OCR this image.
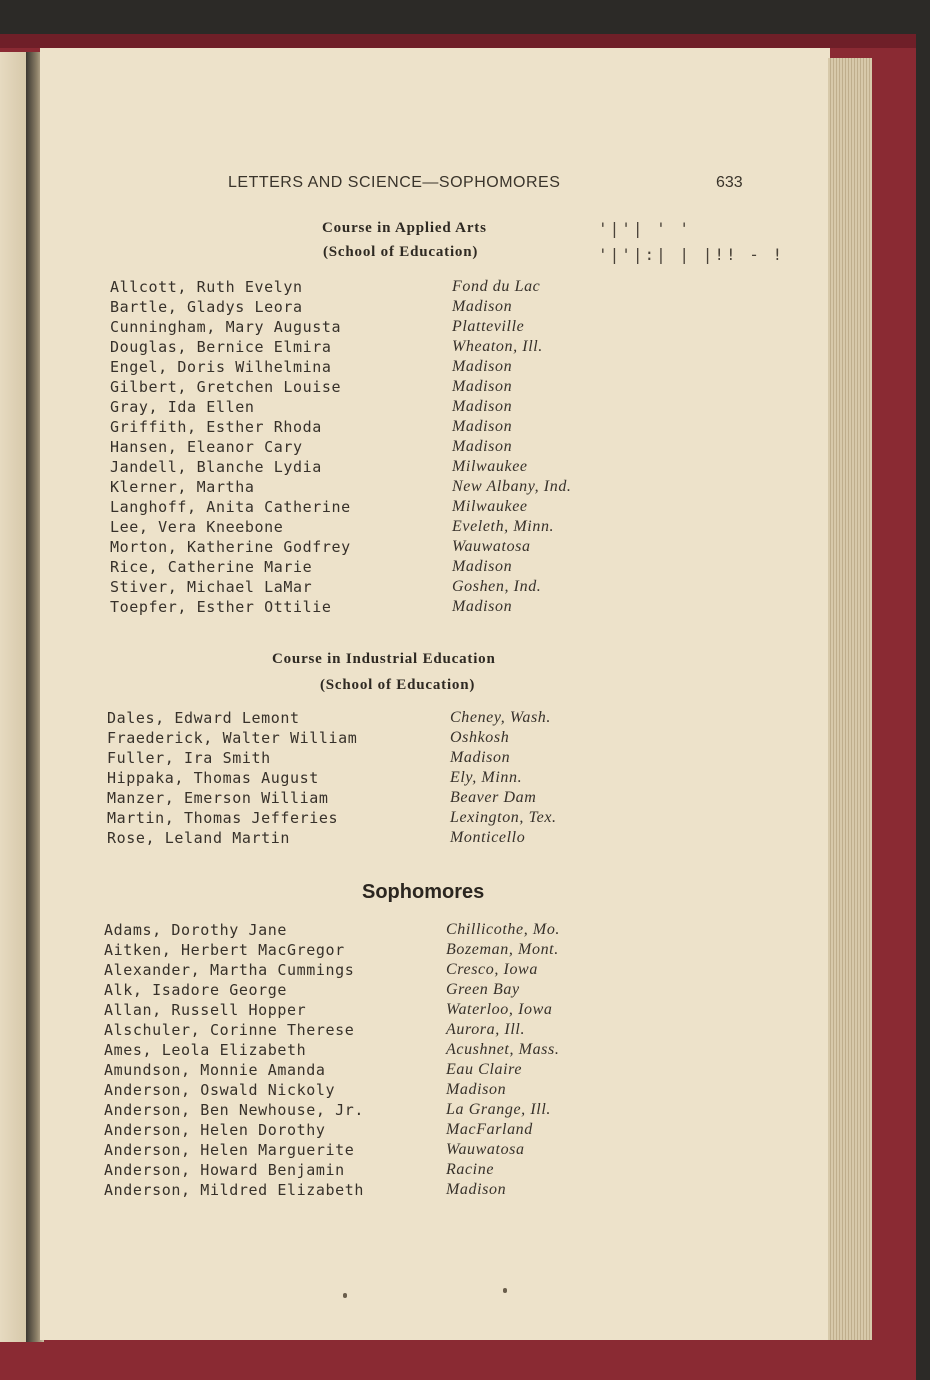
LETTERS AND SCIENCE—SOPHOMORES	633
'|'| ' '
'|'|:| | |!! - !
Course in Applied Arts
(School of Education)
Allcott, Ruth Evelyn	Fond du Lac
Bartle, Gladys Leora	Madison
Cunningham, Mary Augusta	Platteville
Douglas, Bernice Elmira	Wheaton, Ill.
Engel, Doris Wilhelmina	Madison
Gilbert, Gretchen Louise	Madison
Gray, Ida Ellen	Madison
Griffith, Esther Rhoda	Madison
Hansen, Eleanor Cary	Madison
Jandell, Blanche Lydia	Milwaukee
Klerner, Martha	New Albany, Ind.
Langhoff, Anita Catherine	Milwaukee
Lee, Vera Kneebone	Eveleth, Minn.
Morton, Katherine Godfrey	Wauwatosa
Rice, Catherine Marie	Madison
Stiver, Michael LaMar	Goshen, Ind.
Toepfer, Esther Ottilie	Madison
Course in Industrial Education
(School of Education)
Dales, Edward Lemont	Cheney, Wash.
Fraederick, Walter William	Oshkosh
Fuller, Ira Smith	Madison
Hippaka, Thomas August	Ely, Minn.
Manzer, Emerson William	Beaver Dam
Martin, Thomas Jefferies	Lexington, Tex.
Rose, Leland Martin	Monticello
Sophomores
Adams, Dorothy Jane	Chillicothe, Mo.
Aitken, Herbert MacGregor	Bozeman, Mont.
Alexander, Martha Cummings	Cresco, Iowa
Alk, Isadore George	Green Bay
Allan, Russell Hopper	Waterloo, Iowa
Alschuler, Corinne Therese	Aurora, Ill.
Ames, Leola Elizabeth	Acushnet, Mass.
Amundson, Monnie Amanda	Eau Claire
Anderson, Oswald Nickoly	Madison
Anderson, Ben Newhouse, Jr.	La Grange, Ill.
Anderson, Helen Dorothy	MacFarland
Anderson, Helen Marguerite	Wauwatosa
Anderson, Howard Benjamin	Racine
Anderson, Mildred Elizabeth	Madison
